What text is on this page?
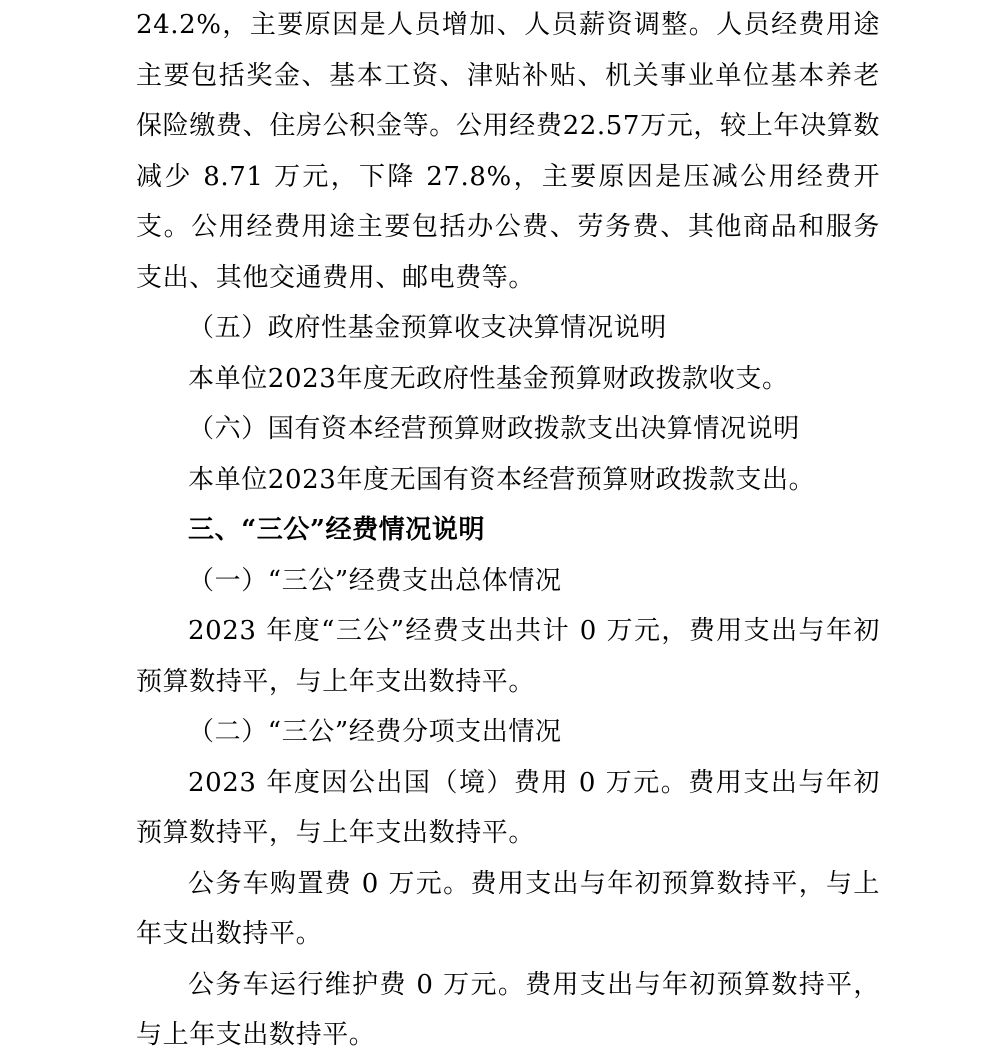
24.2%，主要原因是人员增加、人员薪资调整。人员经费用途主要包括奖金、基本工资、津贴补贴、机关事业单位基本养老保险缴费、住房公积金等。公用经费22.57万元，较上年决算数减少 8.71 万元，下降 27.8%，主要原因是压减公用经费开支。公用经费用途主要包括办公费、劳务费、其他商品和服务支出、其他交通费用、邮电费等。

（五）政府性基金预算收支决算情况说明

本单位2023年度无政府性基金预算财政拨款收支。

（六）国有资本经营预算财政拨款支出决算情况说明

本单位2023年度无国有资本经营预算财政拨款支出。

三、“三公”经费情况说明

（一）“三公”经费支出总体情况

2023 年度“三公”经费支出共计 0 万元，费用支出与年初预算数持平，与上年支出数持平。

（二）“三公”经费分项支出情况

2023 年度因公出国（境）费用 0 万元。费用支出与年初预算数持平，与上年支出数持平。

公务车购置费 0 万元。费用支出与年初预算数持平，与上年支出数持平。

公务车运行维护费 0 万元。费用支出与年初预算数持平，与上年支出数持平。
